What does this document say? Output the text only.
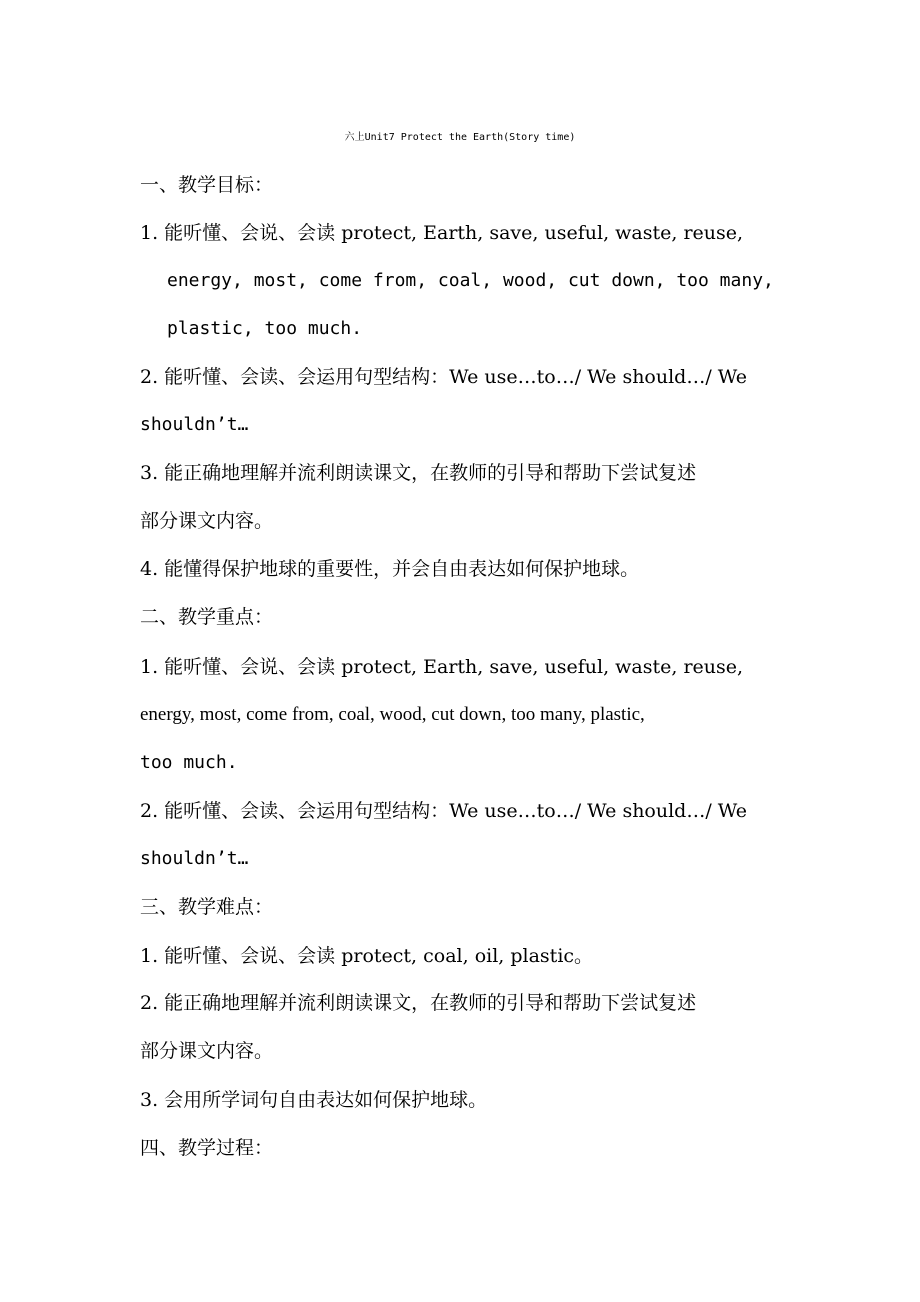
六上Unit7 Protect the Earth(Story time)
一、教学目标：
1. 能听懂、会说、会读 protect, Earth, save, useful, waste, reuse,
energy, most, come from, coal, wood, cut down, too many,
plastic, too much.
2. 能听懂、会读、会运用句型结构：We use…to…/ We should…/ We
shouldn’t…
3. 能正确地理解并流利朗读课文，在教师的引导和帮助下尝试复述
部分课文内容。
4. 能懂得保护地球的重要性，并会自由表达如何保护地球。
二、教学重点：
1. 能听懂、会说、会读 protect, Earth, save, useful, waste, reuse,
energy, most, come from, coal, wood, cut down, too many, plastic,
too much.
2. 能听懂、会读、会运用句型结构：We use…to…/ We should…/ We
shouldn’t…
三、教学难点：
1. 能听懂、会说、会读 protect, coal, oil, plastic。
2. 能正确地理解并流利朗读课文，在教师的引导和帮助下尝试复述
部分课文内容。
3. 会用所学词句自由表达如何保护地球。
四、教学过程：
